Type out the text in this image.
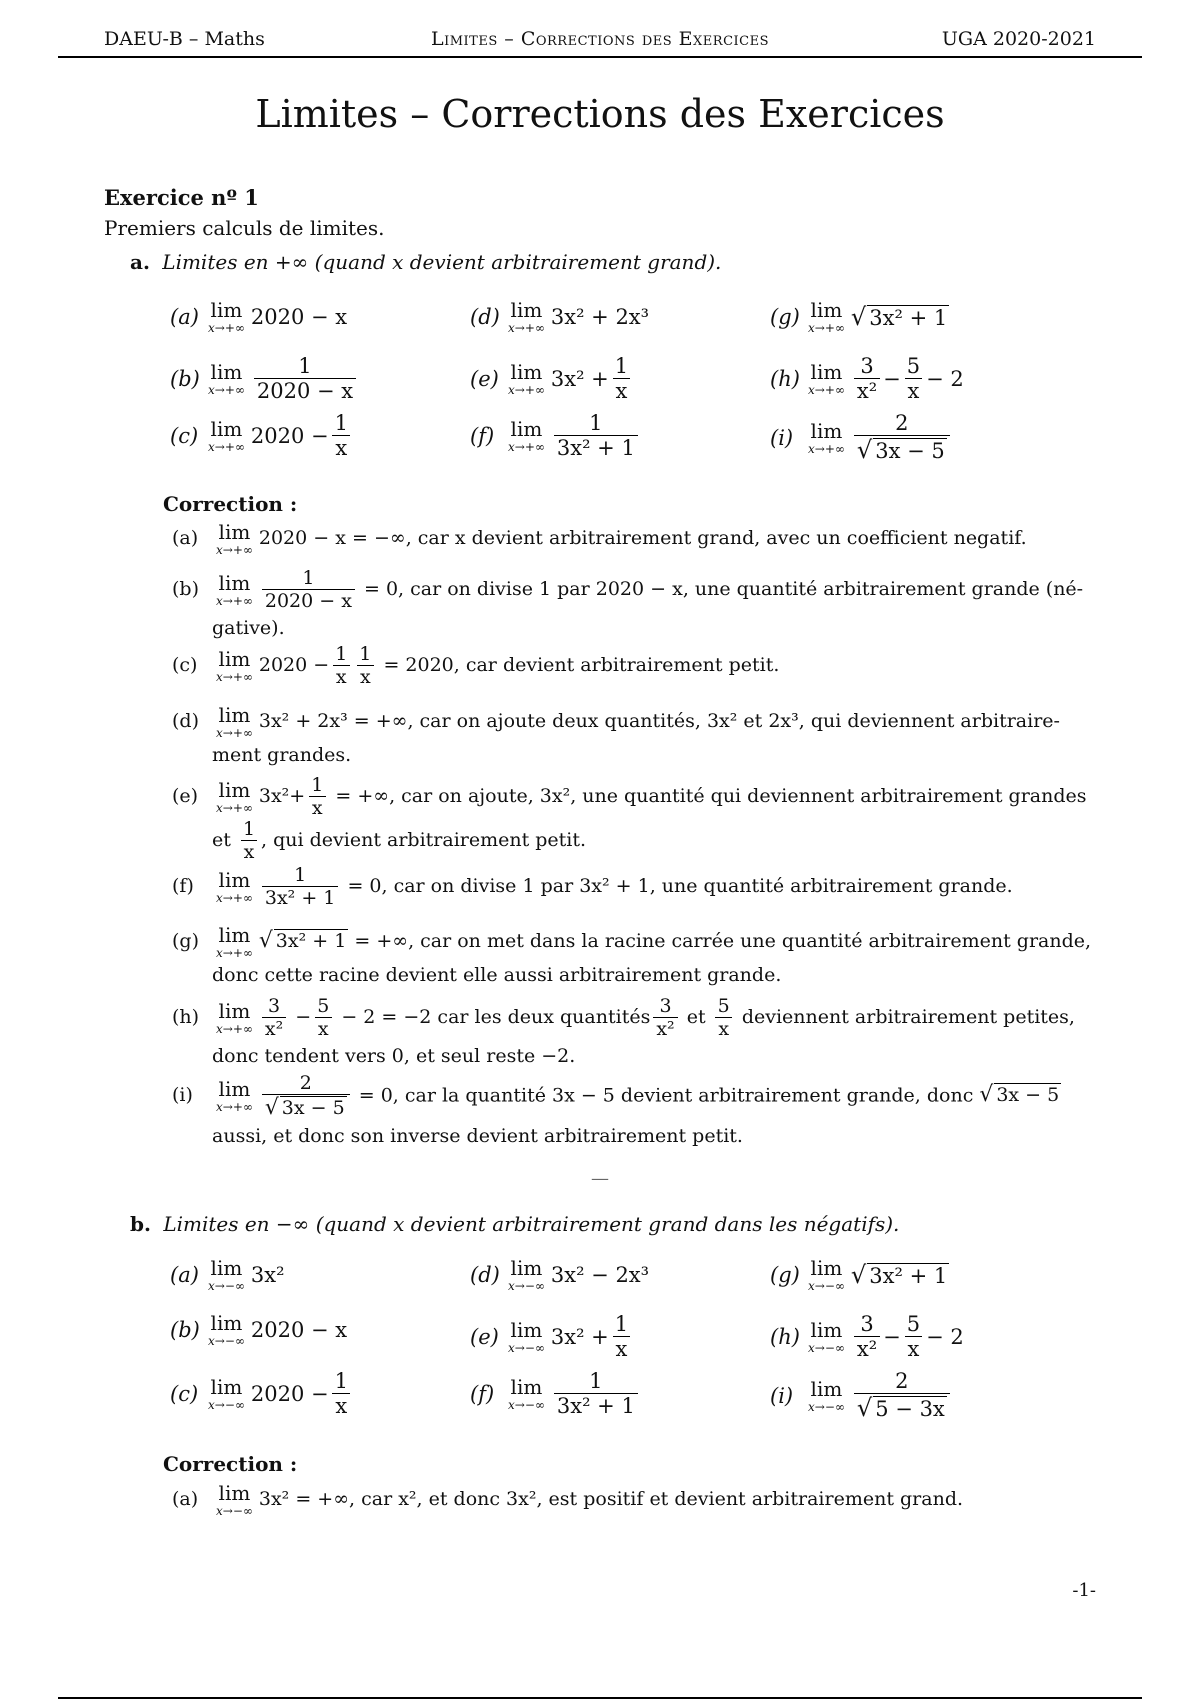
DAEU-B – Maths	Limites – Corrections des Exercices	UGA 2020-2021
Limites – Corrections des Exercices
Exercice nº 1
Premiers calculs de limites.
a. Limites en +∞ (quand x devient arbitrairement grand).
(a) lim
x→+∞ 2020 − x
(b) lim
$x\to+\infty \frac{1}{2020 - x}$
(c) lim
x→+∞ $2020 - \frac{1}{x}$
(d) lim
x→+∞ 3x² + 2x³
(e) lim
x→+∞ $3x^2 + \frac{1}{x}$
(f) lim
$x\to+\infty \frac{1}{\text{3x² + 1}}$
(g) lim
x→+∞ √ 3x² + 1
(h) lim
$x\to+\infty \frac{3}{\text{x²}} - \frac{5}{x} - 2$
(i) lim
$x\to+\infty \frac{2}{√ 3x - 5}$
Correction :
(a) lim
x→+∞
2020 − x = −∞, car x devient arbitrairement grand, avec un coefficient negatif.
(b) lim
$x\to+\infty \frac{1}{2020 - x} = 0$, car on divise 1 par 2020 − x, une quantité arbitrairement grande (né-
gative).
(c) lim
x→+∞
$2020 - \frac{1}{x} \frac{1}{x} = 2020$, car devient arbitrairement petit.
(d) lim
x→+∞
3x² + 2x³ = +∞, car on ajoute deux quantités, 3x² et 2x³, qui deviennent arbitraire-
ment grandes.
(e) lim
x→+∞
$3x^2+ \frac{1}{x}$ = +∞, car on ajoute, 3x², une quantité qui deviennent arbitrairement grandes
et $\frac{1}{x}$ , qui devient arbitrairement petit.
(f) lim
$x\to+\infty \frac{1}{\text{3x² + 1}} = 0$, car on divise 1 par 3x² + 1, une quantité arbitrairement grande.
(g) lim
x→+∞ √ 3x² + 1 = +∞, car on met dans la racine carrée une quantité arbitrairement grande,
donc cette racine devient elle aussi arbitrairement grande.
(h) lim
$x\to+\infty \frac{3}{\text{x²}} - \frac{5}{x} - 2 = -2$ car les deux quantités $\frac{3}{\text{x²}}$ et $\frac{5}{x}$ deviennent arbitrairement petites,
donc tendent vers 0, et seul reste −2.
(i) lim
$x\to+\infty \frac{2}{√ 3x - 5} = 0$, car la quantité 3x − 5 devient arbitrairement grande, donc √ 3x − 5
aussi, et donc son inverse devient arbitrairement petit.
—
b. Limites en −∞ (quand x devient arbitrairement grand dans les négatifs).
(a) lim
x→−∞ 3x²
(b) lim
x→−∞ 2020 − x
(c) lim
x→−∞ $2020 - \frac{1}{x}$
(d) lim
x→−∞ 3x² − 2x³
(e) lim
x→−∞ $3x^2 + \frac{1}{x}$
(f) lim
$x\to-\infty \frac{1}{\text{3x² + 1}}$
(g) lim
x→−∞ √ 3x² + 1
(h) lim
$x\to-\infty \frac{3}{\text{x²}} - \frac{5}{x} - 2$
(i) lim
$x\to-\infty \frac{2}{√ 5 - 3x}$
Correction :
(a) lim
x→−∞
3x² = +∞, car x², et donc 3x², est positif et devient arbitrairement grand.
-1-
